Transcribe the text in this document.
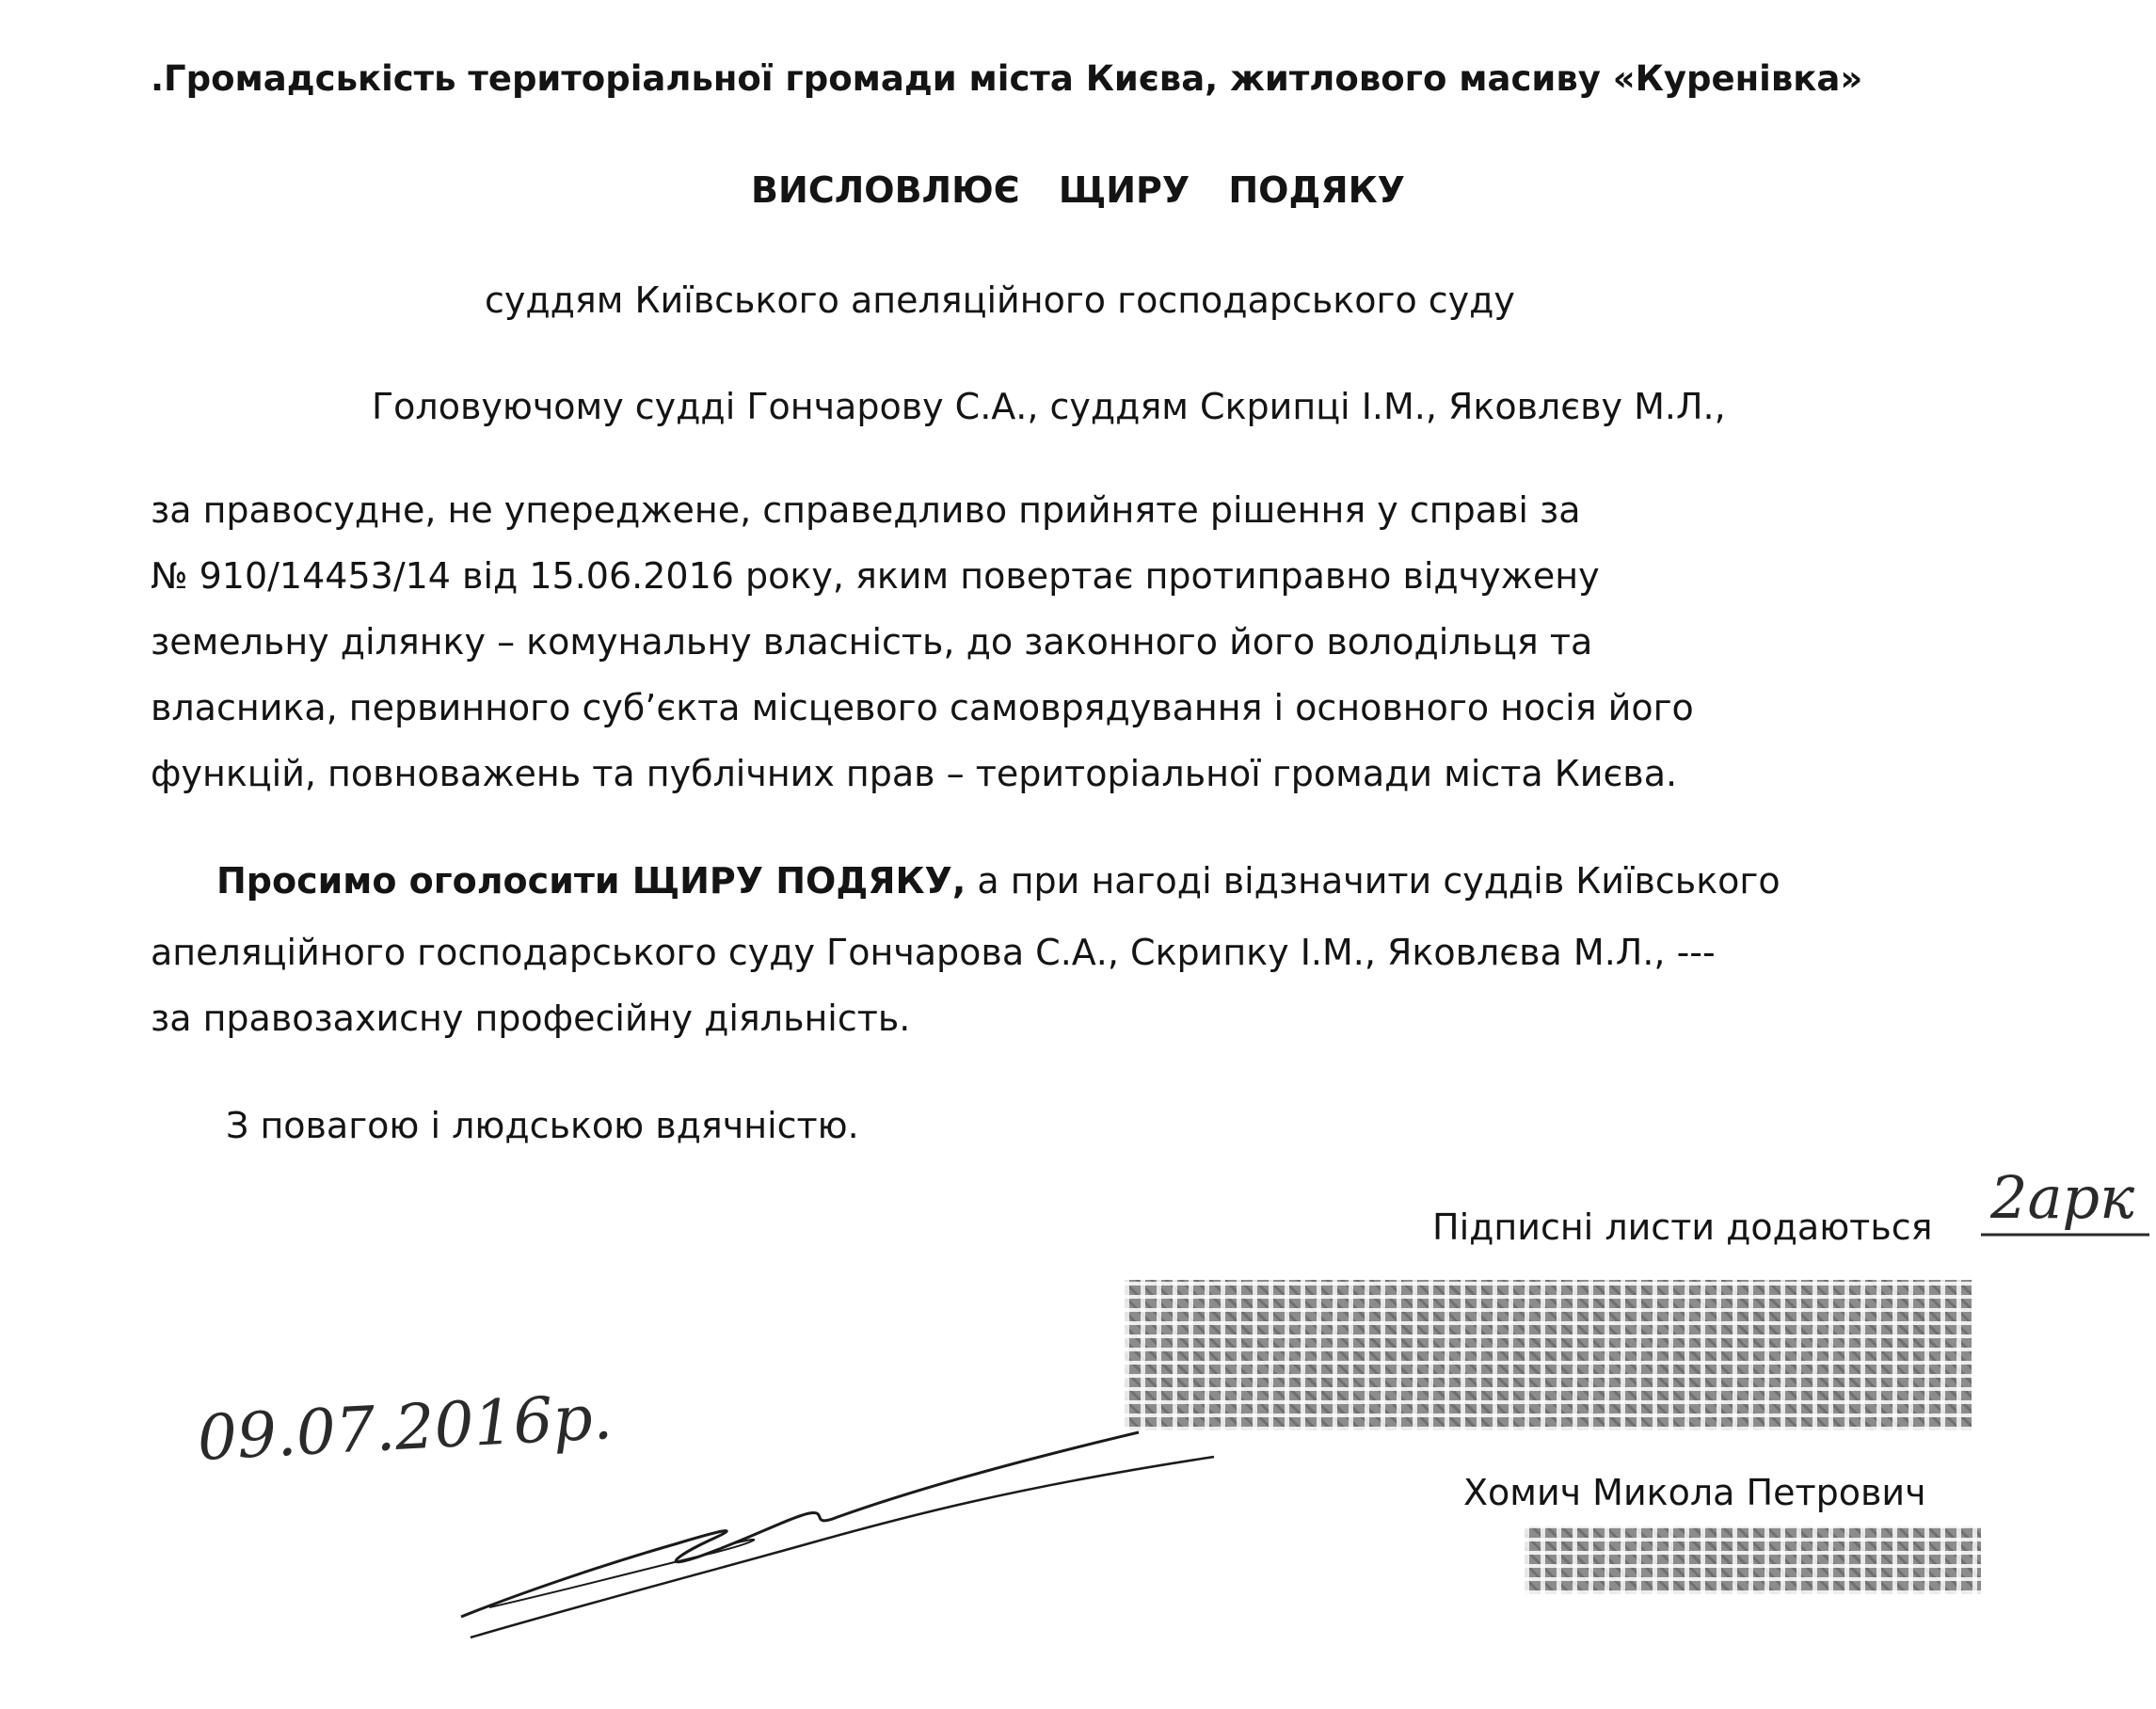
.Громадськість територіальної громади міста Києва, житлового масиву «Куренівка»
ВИСЛОВЛЮЄ ЩИРУ ПОДЯКУ
суддям Київського апеляційного господарського суду
Головуючому судді Гончарову С.А., суддям Скрипці І.М., Яковлєву М.Л.,
за правосудне, не упереджене, справедливо прийняте рішення у справі за
№ 910/14453/14 від 15.06.2016 року, яким повертає протиправно відчужену
земельну ділянку – комунальну власність, до законного його володільця та
власника, первинного суб’єкта місцевого самоврядування і основного носія його
функцій, повноважень та публічних прав – територіальної громади міста Києва.
Просимо оголосити ЩИРУ ПОДЯКУ, а при нагоді відзначити суддів Київського
апеляційного господарського суду Гончарова С.А., Скрипку І.М., Яковлєва М.Л., ---
за правозахисну професійну діяльність.
З повагою і людською вдячністю.
Підписні листи додаються 2арк
09.07.2016р.
Хомич Микола Петрович
